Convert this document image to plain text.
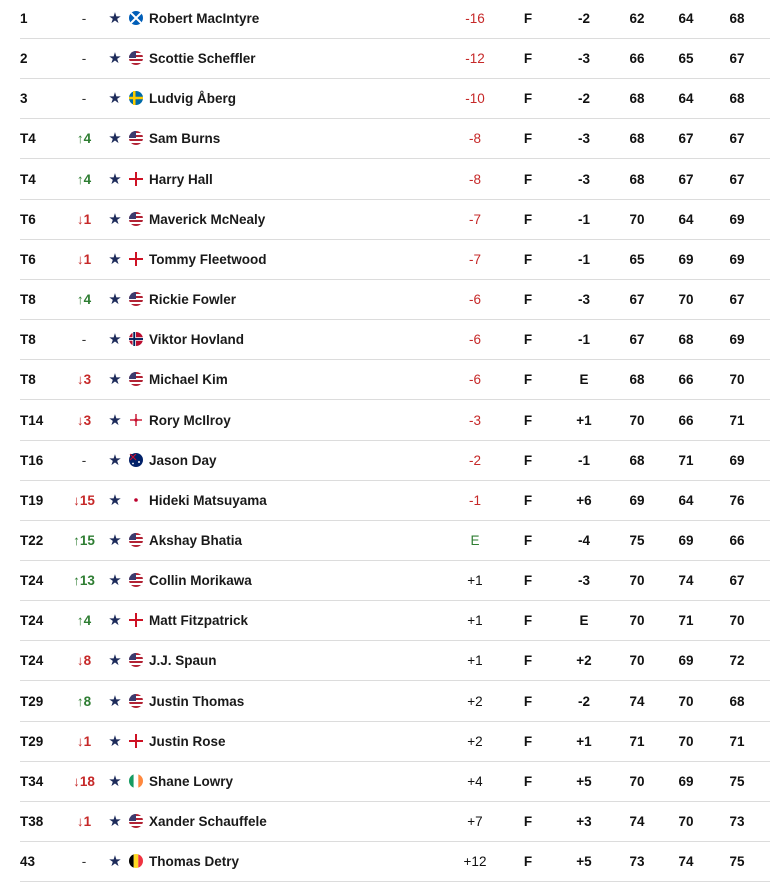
1	-	★ Robert MacIntyre	-16	F	-2	62	64	68
2	-	★ Scottie Scheffler	-12	F	-3	66	65	67
3	-	★ Ludvig Åberg	-10	F	-2	68	64	68
T4	↑4	★ Sam Burns	-8	F	-3	68	67	67
T4	↑4	★ Harry Hall	-8	F	-3	68	67	67
T6	↓1	★ Maverick McNealy	-7	F	-1	70	64	69
T6	↓1	★ Tommy Fleetwood	-7	F	-1	65	69	69
T8	↑4	★ Rickie Fowler	-6	F	-3	67	70	67
T8	-	★ Viktor Hovland	-6	F	-1	67	68	69
T8	↓3	★ Michael Kim	-6	F	E	68	66	70
T14	↓3	★ Rory McIlroy	-3	F	+1	70	66	71
T16	-	★ Jason Day	-2	F	-1	68	71	69
T19	↓15 ★ Hideki Matsuyama	-1	F	+6	69	64	76
T22	↑15 ★ Akshay Bhatia	E	F	-4	75	69	66
T24	↑13 ★ Collin Morikawa	+1	F	-3	70	74	67
T24	↑4	★ Matt Fitzpatrick	+1	F	E	70	71	70
T24	↓8	★ J.J. Spaun	+1	F	+2	70	69	72
T29	↑8	★ Justin Thomas	+2	F	-2	74	70	68
T29	↓1	★ Justin Rose	+2	F	+1	71	70	71
T34	↓18 ★ Shane Lowry	+4	F	+5	70	69	75
T38	↓1	★ Xander Schauffele	+7	F	+3	74	70	73
43	-	★ Thomas Detry	+12	F	+5	73	74	75
